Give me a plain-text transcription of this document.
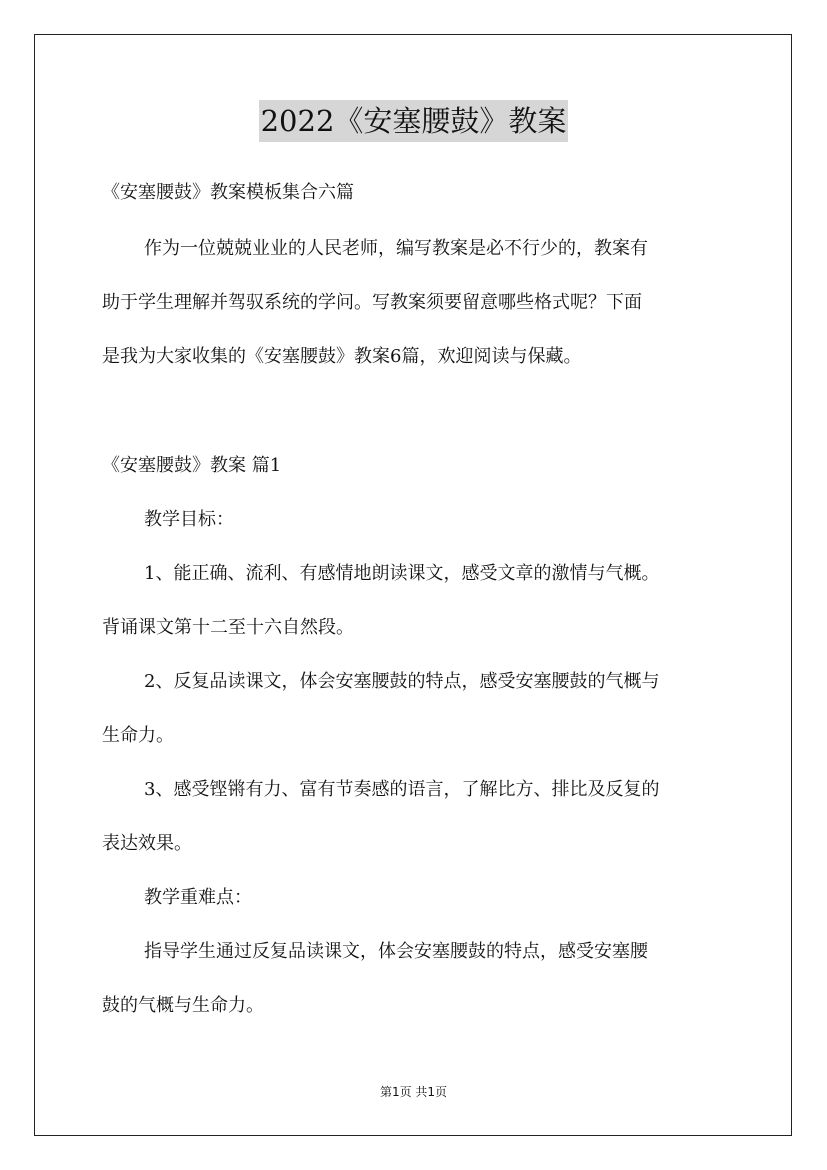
2022《安塞腰鼓》教案
《安塞腰鼓》教案模板集合六篇
作为一位兢兢业业的人民老师，编写教案是必不行少的，教案有
助于学生理解并驾驭系统的学问。写教案须要留意哪些格式呢？下面
是我为大家收集的《安塞腰鼓》教案6篇，欢迎阅读与保藏。
《安塞腰鼓》教案 篇1
教学目标：
1、能正确、流利、有感情地朗读课文，感受文章的激情与气概。
背诵课文第十二至十六自然段。
2、反复品读课文，体会安塞腰鼓的特点，感受安塞腰鼓的气概与
生命力。
3、感受铿锵有力、富有节奏感的语言，了解比方、排比及反复的
表达效果。
教学重难点：
指导学生通过反复品读课文，体会安塞腰鼓的特点，感受安塞腰
鼓的气概与生命力。
第1页 共1页
